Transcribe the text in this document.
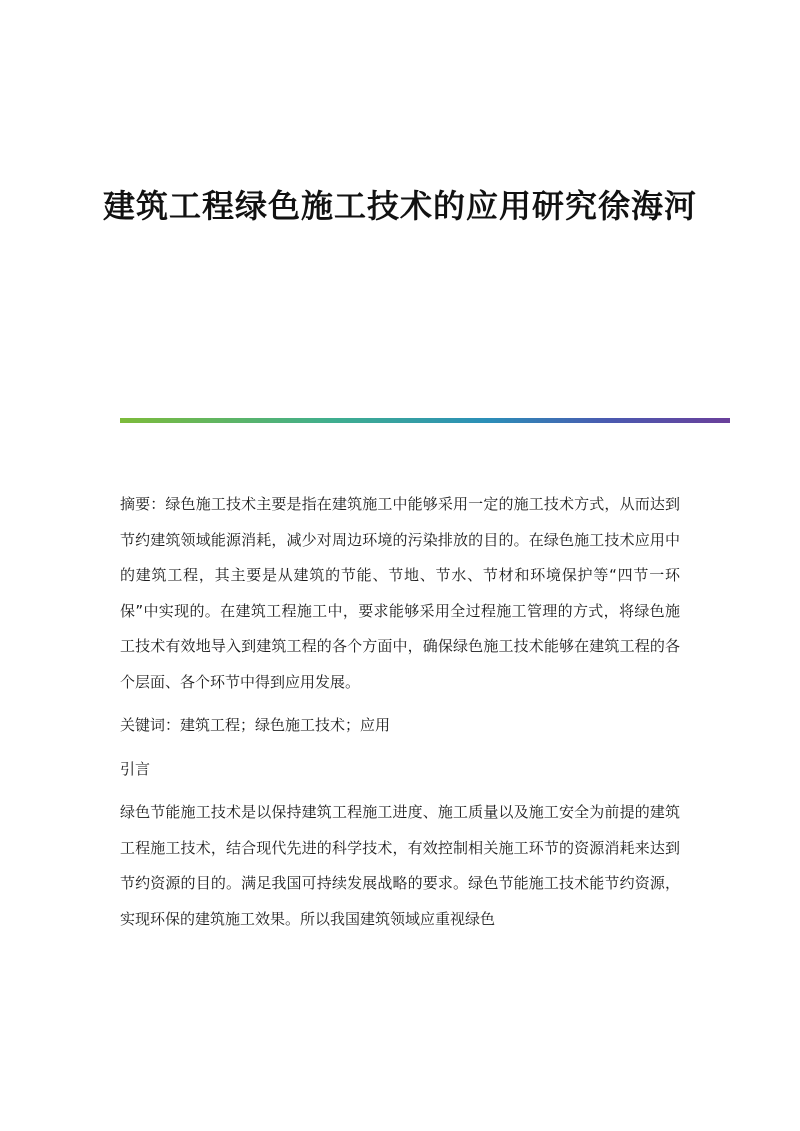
建筑工程绿色施工技术的应用研究徐海河

摘要：绿色施工技术主要是指在建筑施工中能够采用一定的施工技术方式，从而达到节约建筑领域能源消耗，减少对周边环境的污染排放的目的。在绿色施工技术应用中的建筑工程，其主要是从建筑的节能、节地、节水、节材和环境保护等“四节一环保”中实现的。在建筑工程施工中，要求能够采用全过程施工管理的方式，将绿色施工技术有效地导入到建筑工程的各个方面中，确保绿色施工技术能够在建筑工程的各个层面、各个环节中得到应用发展。

关键词：建筑工程；绿色施工技术；应用

引言

绿色节能施工技术是以保持建筑工程施工进度、施工质量以及施工安全为前提的建筑工程施工技术，结合现代先进的科学技术，有效控制相关施工环节的资源消耗来达到节约资源的目的。满足我国可持续发展战略的要求。绿色节能施工技术能节约资源，实现环保的建筑施工效果。所以我国建筑领域应重视绿色
